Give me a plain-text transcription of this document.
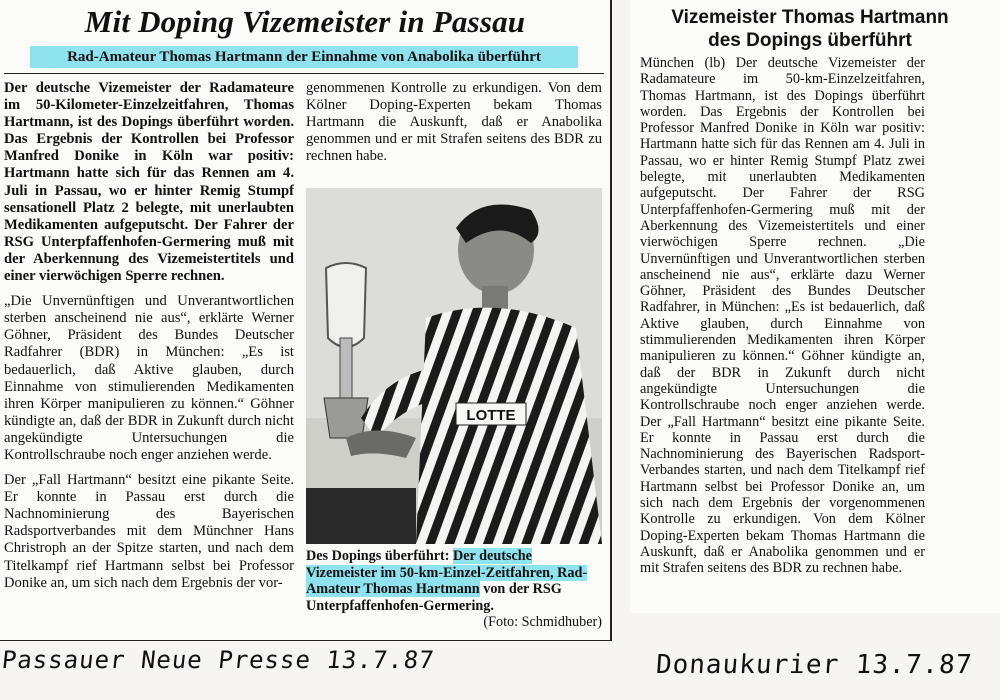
Mit Doping Vizemeister in Passau
Rad-Amateur Thomas Hartmann der Einnahme von Anabolika überführt

Der deutsche Vizemeister der Radamateure im 50-Kilometer-Einzelzeitfahren, Thomas Hartmann, ist des Dopings überführt worden. Das Ergebnis der Kontrollen bei Professor Manfred Donike in Köln war positiv: Hartmann hatte sich für das Rennen am 4. Juli in Passau, wo er hinter Remig Stumpf sensationell Platz 2 belegte, mit unerlaubten Medikamenten aufgeputscht. Der Fahrer der RSG Unterpfaffenhofen-Germering muß mit der Aberkennung des Vizemeistertitels und einer vierwöchigen Sperre rechnen.

„Die Unvernünftigen und Unverantwortlichen sterben anscheinend nie aus“, erklärte Werner Göhner, Präsident des Bundes Deutscher Radfahrer (BDR) in München: „Es ist bedauerlich, daß Aktive glauben, durch Einnahme von stimulierenden Medikamenten ihren Körper manipulieren zu können.“ Göhner kündigte an, daß der BDR in Zukunft durch nicht angekündigte Untersuchungen die Kontrollschraube noch enger anziehen werde.

Der „Fall Hartmann“ besitzt eine pikante Seite. Er konnte in Passau erst durch die Nachnominierung des Bayerischen Radsportverbandes mit dem Münchner Hans Christroph an der Spitze starten, und nach dem Titelkampf rief Hartmann selbst bei Professor Donike an, um sich nach dem Ergebnis der vor-

genommenen Kontrolle zu erkundigen. Von dem Kölner Doping-Experten bekam Thomas Hartmann die Auskunft, daß er Anabolika genommen und er mit Strafen seitens des BDR zu rechnen habe.

LOTTE
Des Dopings überführt: Der deutsche Vizemeister im 50-km-Einzel-Zeitfahren, Rad-Amateur Thomas Hartmann von der RSG Unterpfaffenhofen-Germering.
(Foto: Schmidhuber)
Vizemeister Thomas Hartmann
des Dopings überführt

München (lb) Der deutsche Vizemeister der Radamateure im 50-km-Einzelzeitfahren, Thomas Hartmann, ist des Dopings überführt worden. Das Ergebnis der Kontrollen bei Professor Manfred Donike in Köln war positiv: Hartmann hatte sich für das Rennen am 4. Juli in Passau, wo er hinter Remig Stumpf Platz zwei belegte, mit unerlaubten Medikamenten aufgeputscht. Der Fahrer der RSG Unterpfaffenhofen-Germering muß mit der Aberkennung des Vizemeistertitels und einer vierwöchigen Sperre rechnen. „Die Unvernünftigen und Unverantwortlichen sterben anscheinend nie aus“, erklärte dazu Werner Göhner, Präsident des Bundes Deutscher Radfahrer, in München: „Es ist bedauerlich, daß Aktive glauben, durch Einnahme von stimmulierenden Medikamenten ihren Körper manipulieren zu können.“ Göhner kündigte an, daß der BDR in Zukunft durch nicht angekündigte Untersuchungen die Kontrollschraube noch enger anziehen werde. Der „Fall Hartmann“ besitzt eine pikante Seite. Er konnte in Passau erst durch die Nachnominierung des Bayerischen Radsport-Verbandes starten, und nach dem Titelkampf rief Hartmann selbst bei Professor Donike an, um sich nach dem Ergebnis der vorgenommenen Kontrolle zu erkundigen. Von dem Kölner Doping-Experten bekam Thomas Hartmann die Auskunft, daß er Anabolika genommen und er mit Strafen seitens des BDR zu rechnen habe.

Passauer Neue Presse 13.7.87	Donaukurier 13.7.87
